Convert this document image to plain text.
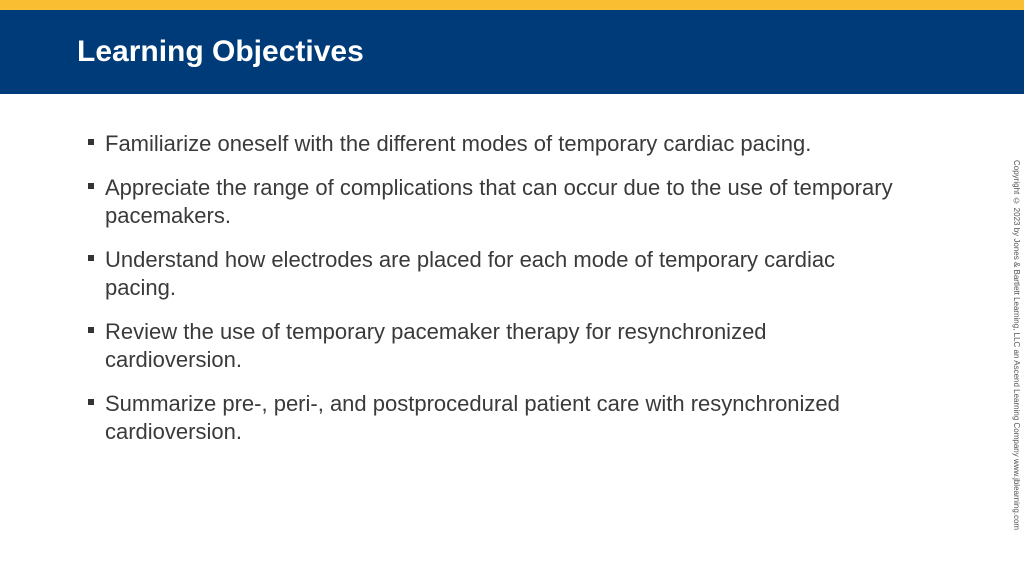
Learning Objectives
Familiarize oneself with the different modes of temporary cardiac pacing.
Appreciate the range of complications that can occur due to the use of temporary pacemakers.
Understand how electrodes are placed for each mode of temporary cardiac pacing.
Review the use of temporary pacemaker therapy for resynchronized cardioversion.
Summarize pre-, peri-, and postprocedural patient care with resynchronized cardioversion.	Copyright © 2023 by Jones & Bartlett Learning, LLC an Ascend Learning Company www.jblearning.com
